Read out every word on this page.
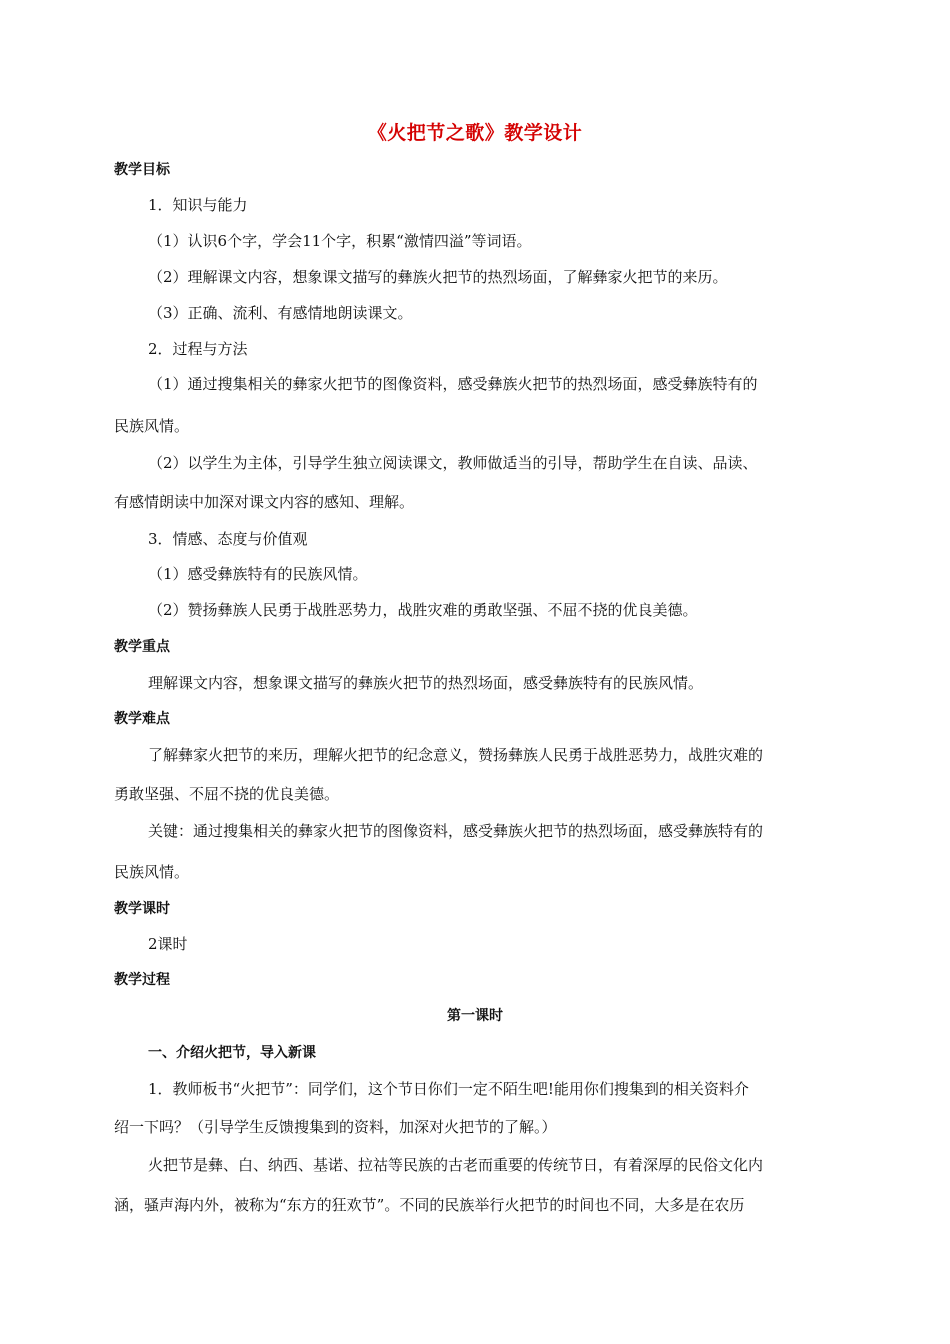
《火把节之歌》教学设计

教学目标

1．知识与能力

（1）认识6个字，学会11个字，积累“激情四溢”等词语。

（2）理解课文内容，想象课文描写的彝族火把节的热烈场面，了解彝家火把节的来历。

（3）正确、流利、有感情地朗读课文。

2．过程与方法

（1）通过搜集相关的彝家火把节的图像资料，感受彝族火把节的热烈场面，感受彝族特有的

民族风情。

（2）以学生为主体，引导学生独立阅读课文，教师做适当的引导，帮助学生在自读、品读、

有感情朗读中加深对课文内容的感知、理解。

3．情感、态度与价值观

（1）感受彝族特有的民族风情。

（2）赞扬彝族人民勇于战胜恶势力，战胜灾难的勇敢坚强、不屈不挠的优良美德。

教学重点

理解课文内容，想象课文描写的彝族火把节的热烈场面，感受彝族特有的民族风情。

教学难点

了解彝家火把节的来历，理解火把节的纪念意义，赞扬彝族人民勇于战胜恶势力，战胜灾难的

勇敢坚强、不屈不挠的优良美德。

关键：通过搜集相关的彝家火把节的图像资料，感受彝族火把节的热烈场面，感受彝族特有的

民族风情。

教学课时

2课时

教学过程

第一课时

一、介绍火把节，导入新课

1．教师板书“火把节”：同学们，这个节日你们一定不陌生吧!能用你们搜集到的相关资料介

绍一下吗？（引导学生反馈搜集到的资料，加深对火把节的了解。）

火把节是彝、白、纳西、基诺、拉祜等民族的古老而重要的传统节日，有着深厚的民俗文化内

涵，骚声海内外，被称为“东方的狂欢节”。不同的民族举行火把节的时间也不同，大多是在农历
